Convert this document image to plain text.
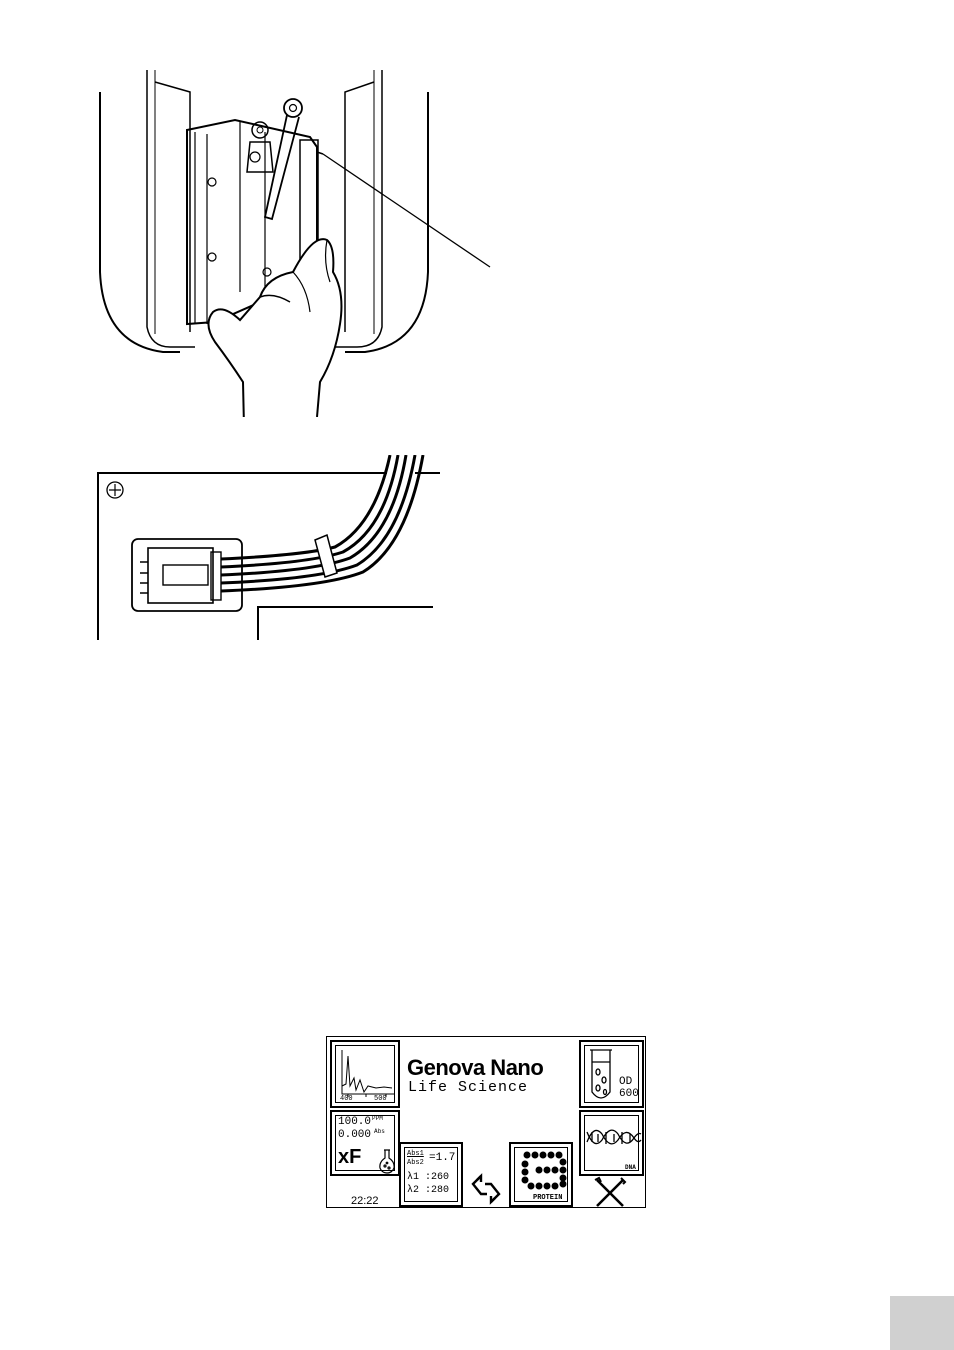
400	500
Genova Nano
Life Science	OD
600
100.0 PPM
0.000 Abs
xF	Abs1
Abs2 =1.7
λ1 :260
λ2 :280
PROTEIN
DNA
22:22
